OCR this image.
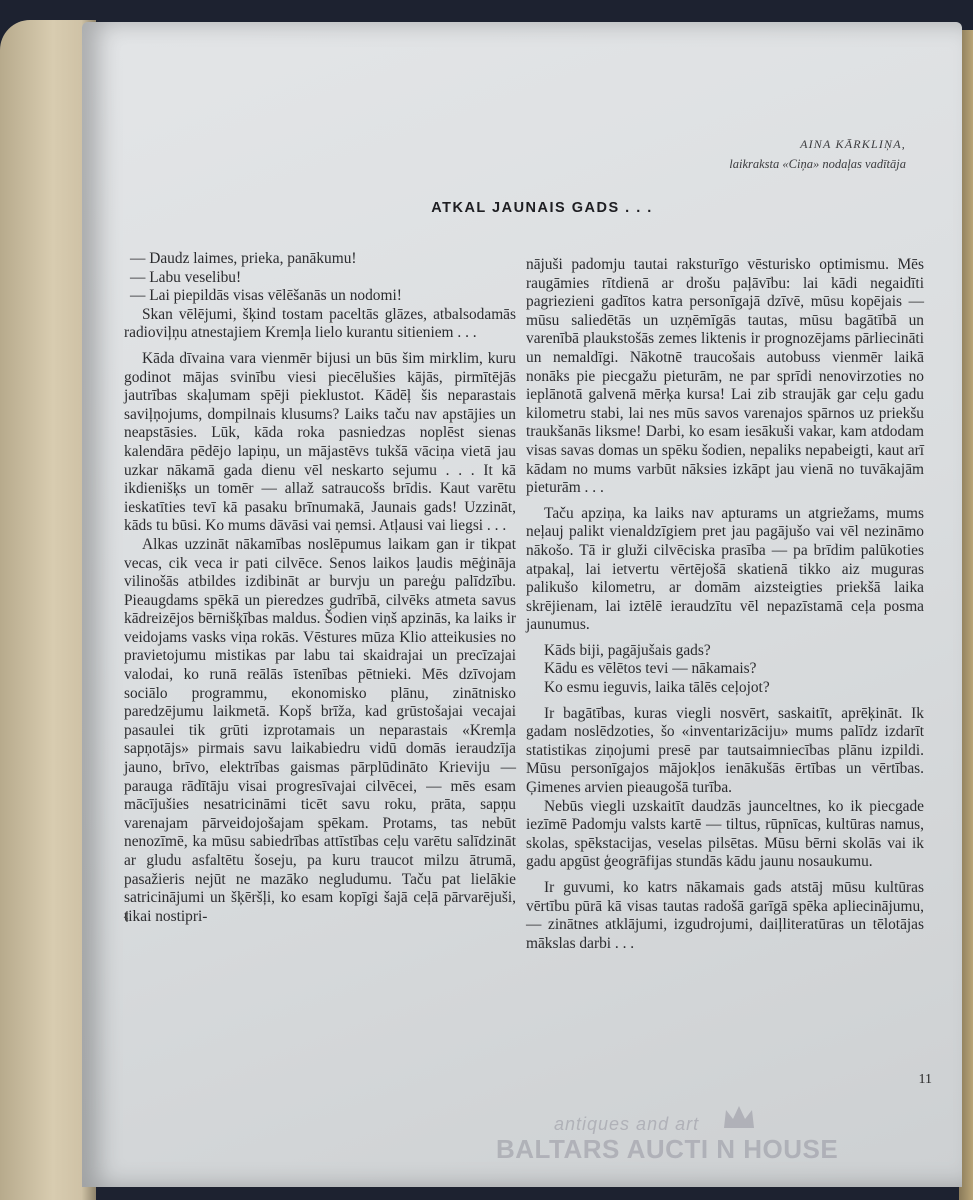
AINA KĀRKLIŅA,
laikraksta «Ciņa» nodaļas vadītāja
ATKAL JAUNAIS GADS . . .

— Daudz laimes, prieka, panākumu!

— Labu veselibu!

— Lai piepildās visas vēlēšanās un nodomi!

Skan vēlējumi, šķind tostam paceltās glāzes, atbalsodamās radioviļņu atnestajiem Kremļa lielo kurantu sitieniem . . .

Kāda dīvaina vara vienmēr bijusi un būs šim mirklim, kuru godinot mājas svinību viesi piecēlušies kājās, pirmītējās jautrības skaļumam spēji pieklustot. Kādēļ šis neparastais saviļņojums, dompilnais klusums? Laiks taču nav apstājies un neapstāsies. Lūk, kāda roka pasniedzas noplēst sienas kalendāra pēdējo lapiņu, un mājastēvs tukšā vāciņa vietā jau uzkar nākamā gada dienu vēl neskarto sejumu . . . It kā ikdienišķs un tomēr — allaž satraucošs brīdis. Kaut varētu ieskatīties tevī kā pasaku brīnumakā, Jaunais gads! Uzzināt, kāds tu būsi. Ko mums dāvāsi vai ņemsi. Atļausi vai liegsi . . .

Alkas uzzināt nākamības noslēpumus laikam gan ir tikpat vecas, cik veca ir pati cilvēce. Senos laikos ļaudis mēģināja vilinošās atbildes izdibināt ar burvju un pareģu palīdzību. Pieaugdams spēkā un pieredzes gudrībā, cilvēks atmeta savus kādreizējos bērnišķības maldus. Šodien viņš apzinās, ka laiks ir veidojams vasks viņa rokās. Vēstures mūza Klio atteikusies no pravietojumu mistikas par labu tai skaidrajai un precīzajai valodai, ko runā reālās īstenības pētnieki. Mēs dzīvojam sociālo programmu, ekonomisko plānu, zinātnisko paredzējumu laikmetā. Kopš brīža, kad grūstošajai vecajai pasaulei tik grūti izprotamais un neparastais «Kremļa sapņotājs» pirmais savu laikabiedru vidū domās ieraudzīja jauno, brīvo, elektrības gaismas pārplūdināto Krieviju — parauga rādītāju visai progresīvajai cilvēcei, — mēs esam mācījušies nesatricināmi ticēt savu roku, prāta, sapņu varenajam pārveidojošajam spēkam. Protams, tas nebūt nenozīmē, ka mūsu sabiedrības attīstības ceļu varētu salīdzināt ar gludu asfaltētu šoseju, pa kuru traucot milzu ātrumā, pasažieris nejūt ne mazāko negludumu. Taču pat lielākie satricinājumi un šķēršļi, ko esam kopīgi šajā ceļā pārvarējuši, tikai nostipri-

nājuši padomju tautai raksturīgo vēsturisko optimismu. Mēs raugāmies rītdienā ar drošu paļāvību: lai kādi negaidīti pagriezieni gadītos katra personīgajā dzīvē, mūsu kopējais — mūsu saliedētās un uzņēmīgās tautas, mūsu bagātībā un varenībā plaukstošās zemes liktenis ir prognozējams pārliecināti un nemaldīgi. Nākotnē traucošais autobuss vienmēr laikā nonāks pie piecgažu pieturām, ne par sprīdi nenovirzoties no ieplānotā galvenā mērķa kursa! Lai zib straujāk gar ceļu gadu kilometru stabi, lai nes mūs savos varenajos spārnos uz priekšu traukšanās liksme! Darbi, ko esam iesākuši vakar, kam atdodam visas savas domas un spēku šodien, nepaliks nepabeigti, kaut arī kādam no mums varbūt nāksies izkāpt jau vienā no tuvākajām pieturām . . .

Taču apziņa, ka laiks nav apturams un atgriežams, mums neļauj palikt vienaldzīgiem pret jau pagājušo vai vēl nezināmo nākošo. Tā ir gluži cilvēciska prasība — pa brīdim palūkoties atpakaļ, lai ietvertu vērtējošā skatienā tikko aiz muguras palikušo kilometru, ar domām aizsteigties priekšā laika skrējienam, lai iztēlē ieraudzītu vēl nepazīstamā ceļa posma jaunumus.

Kāds biji, pagājušais gads?

Kādu es vēlētos tevi — nākamais?

Ko esmu ieguvis, laika tālēs ceļojot?

Ir bagātības, kuras viegli nosvērt, saskaitīt, aprēķināt. Ik gadam noslēdzoties, šo «inventarizāciju» mums palīdz izdarīt statistikas ziņojumi presē par tautsaimniecības plānu izpildi. Mūsu personīgajos mājokļos ienākušās ērtības un vērtības. Ģimenes arvien pieaugošā turība.

Nebūs viegli uzskaitīt daudzās jaunceltnes, ko ik piecgade iezīmē Padomju valsts kartē — tiltus, rūpnīcas, kultūras namus, skolas, spēkstacijas, veselas pilsētas. Mūsu bērni skolās vai ik gadu apgūst ģeogrāfijas stundās kādu jaunu nosaukumu.

Ir guvumi, ko katrs nākamais gads atstāj mūsu kultūras vērtību pūrā kā visas tautas radošā garīgā spēka apliecinājumu, — zinātnes atklājumi, izgudrojumi, daiļliteratūras un tēlotājas mākslas darbi . . .

11
antiques and art
BALTARS AUCTI N HOUSE
